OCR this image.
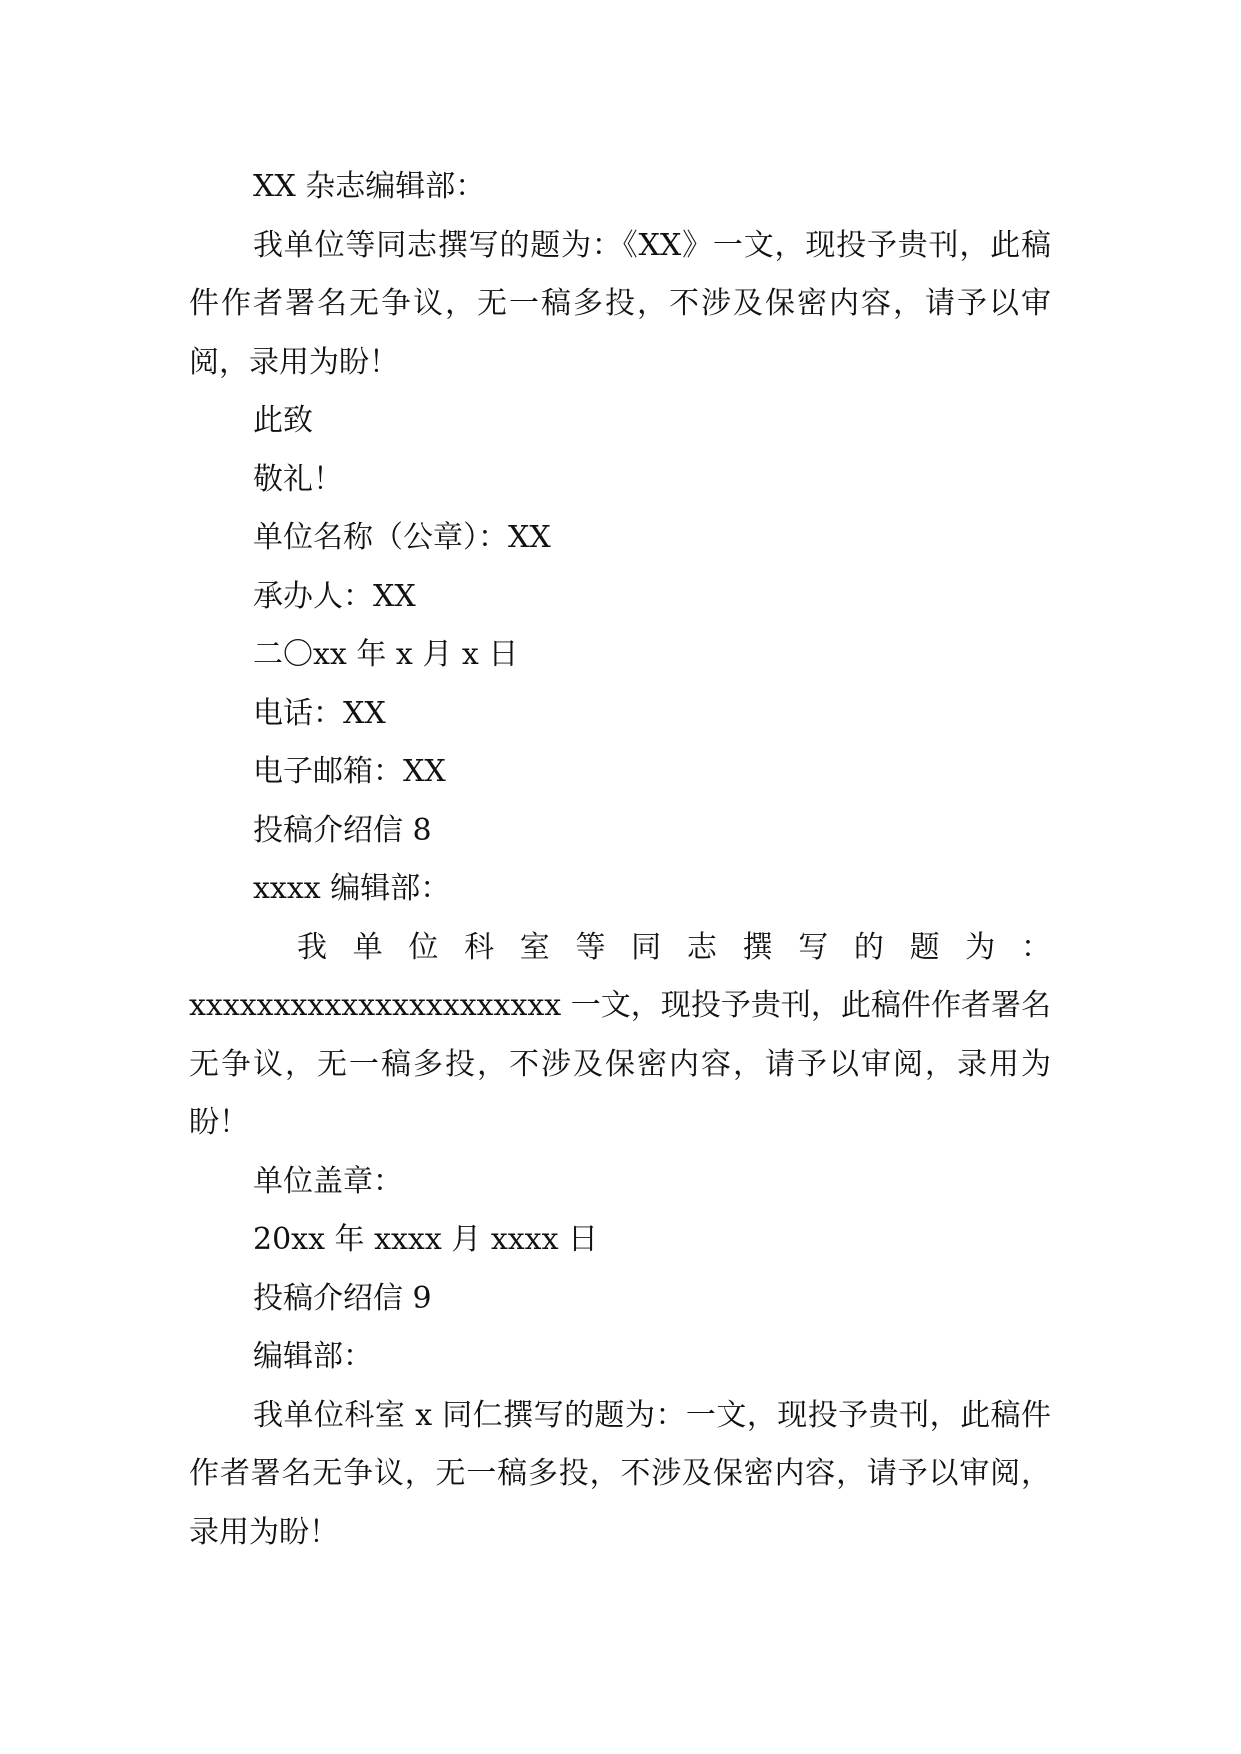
XX 杂志编辑部：
我单位等同志撰写的题为：《XX》一文，现投予贵刊，此稿件作者署名无争议，无一稿多投，不涉及保密内容，请予以审阅，录用为盼！
此致
敬礼！
单位名称（公章）：XX
承办人：XX
二〇xx 年 x 月 x 日
电话：XX
电子邮箱：XX
投稿介绍信 8
xxxx 编辑部：
我 单 位 科 室 等 同 志 撰 写 的 题 为 ：
xxxxxxxxxxxxxxxxxxxxxx 一文，现投予贵刊，此稿件作者署名无争议，无一稿多投，不涉及保密内容，请予以审阅，录用为盼！
单位盖章：
20xx 年 xxxx 月 xxxx 日
投稿介绍信 9
编辑部：
我单位科室 x 同仁撰写的题为：一文，现投予贵刊，此稿件作者署名无争议，无一稿多投，不涉及保密内容，请予以审阅，录用为盼！
